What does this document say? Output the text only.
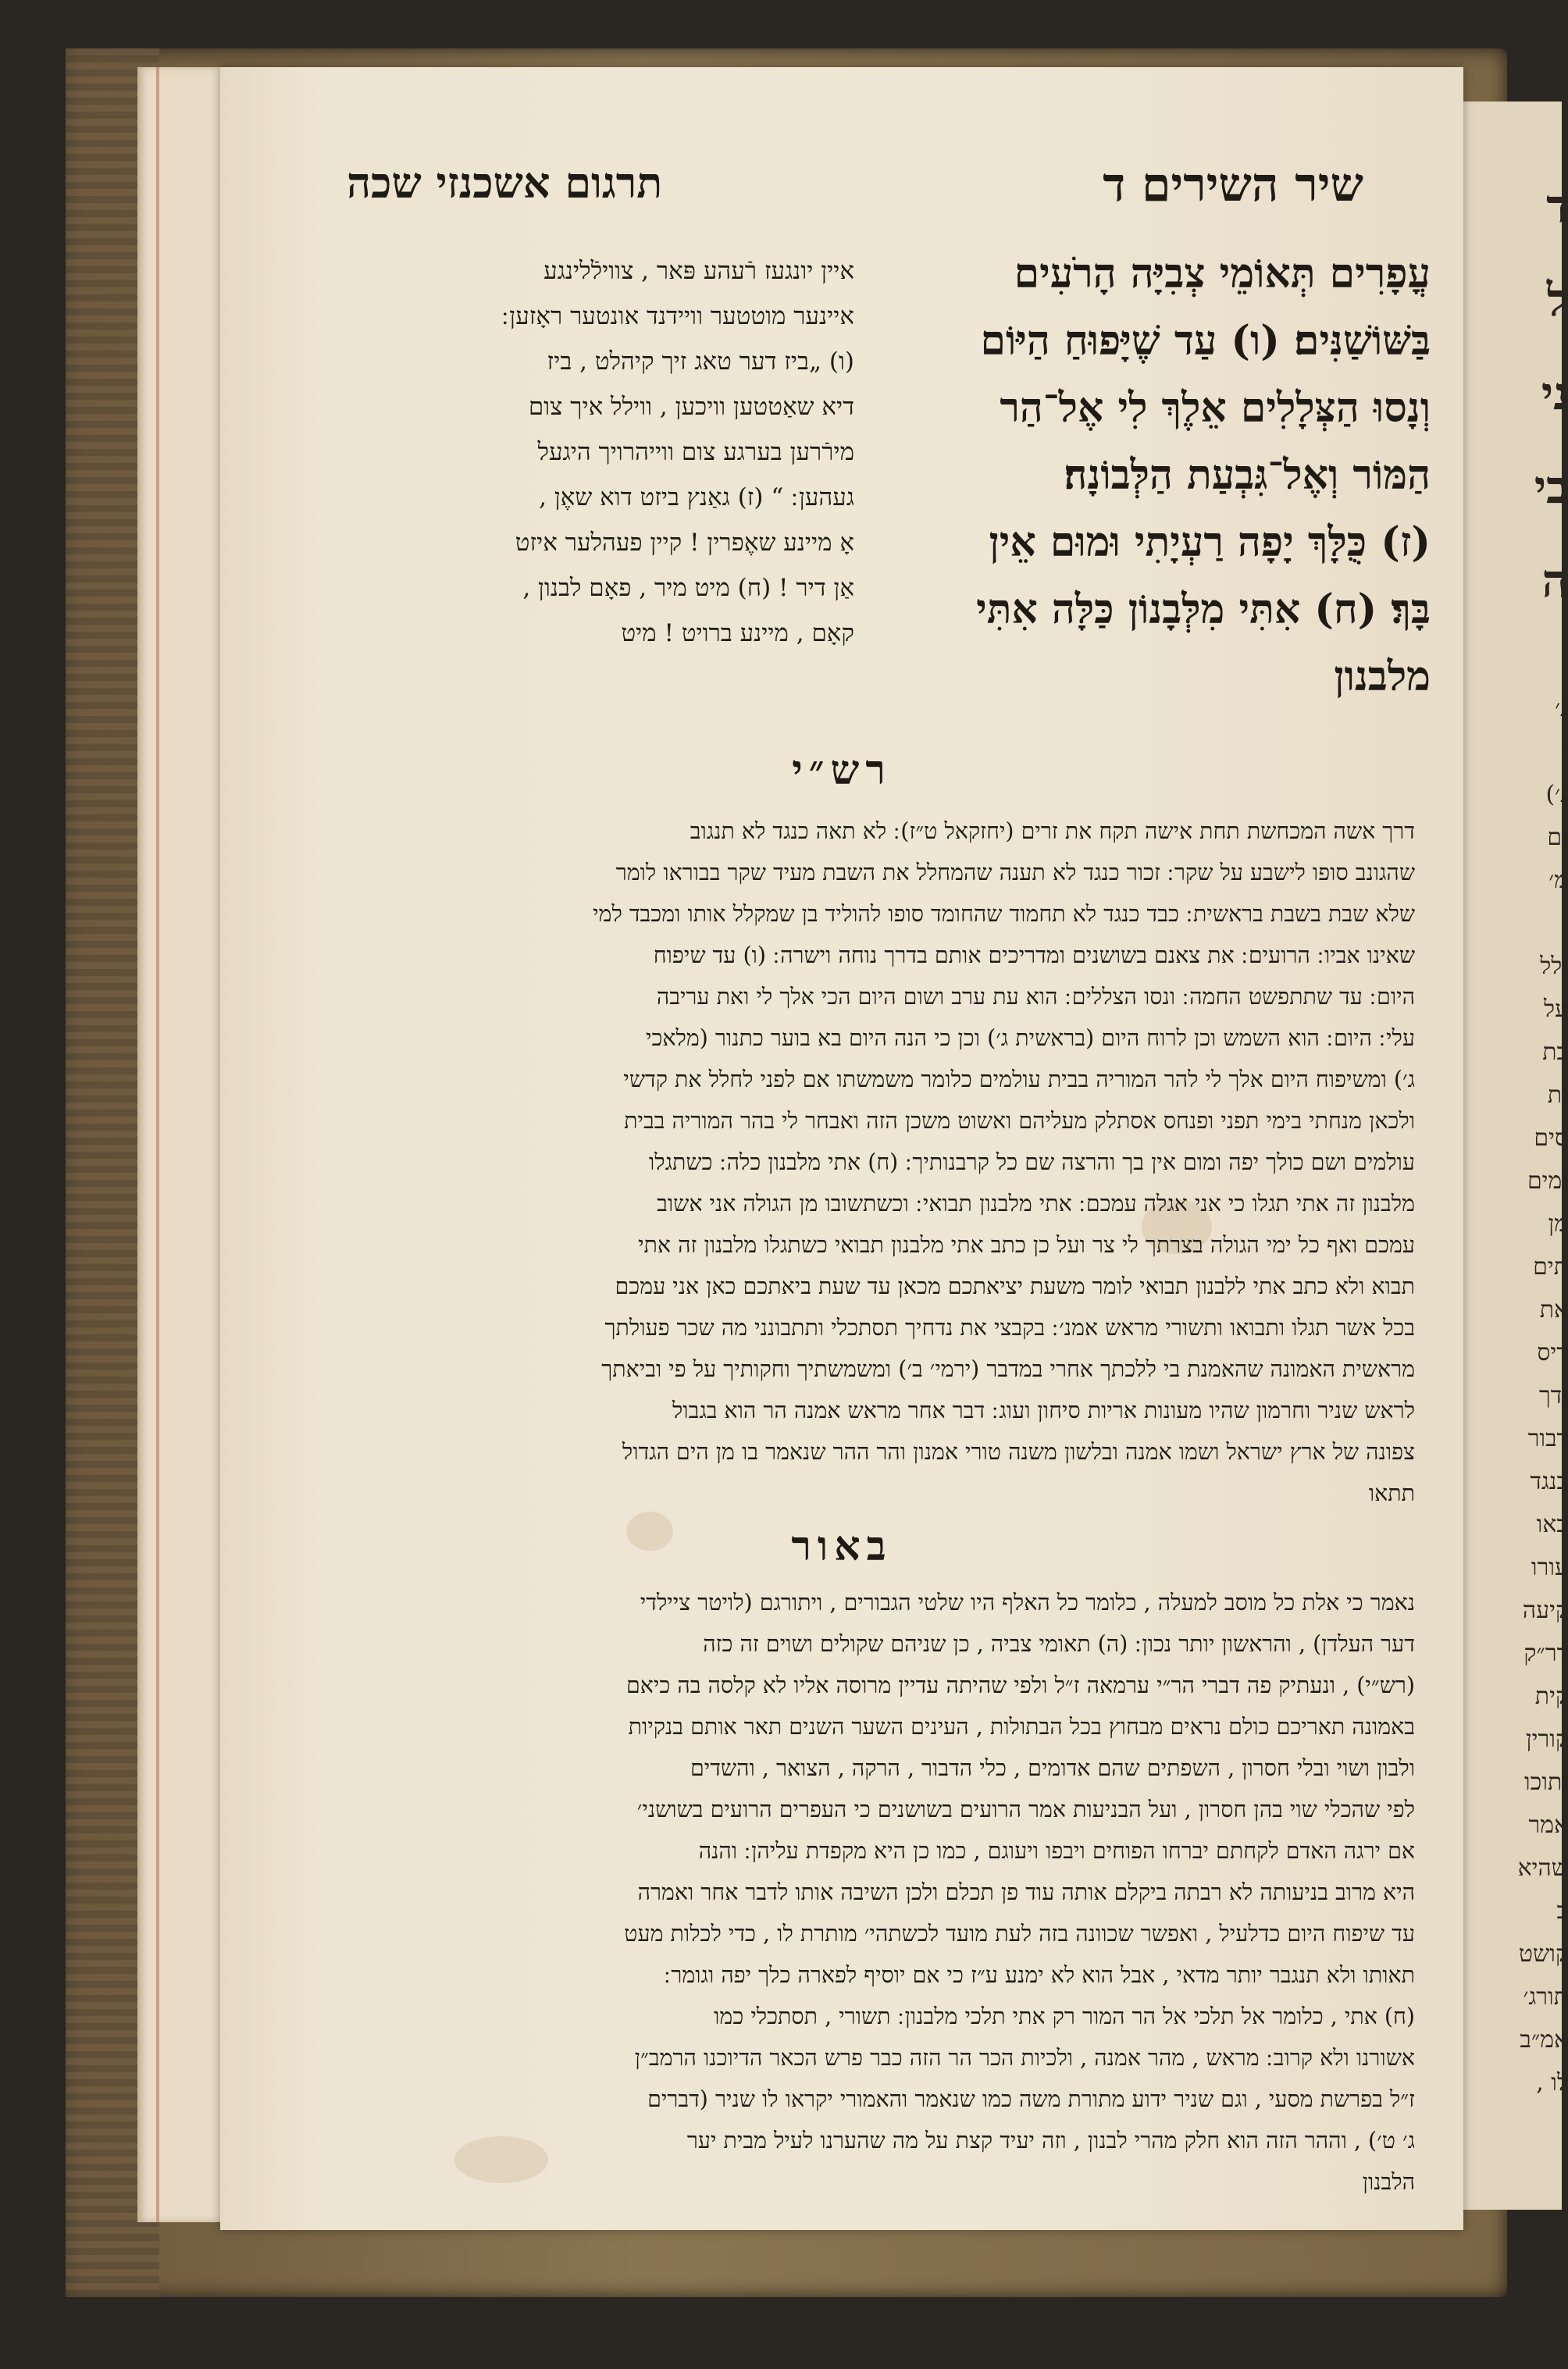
ד
ל
ני
בי
ה
ג׳
׳
ג׳)
ים
מ׳
ולל
על
בת
ית
סים
ומים
מן
תים
את
ריס
ידך
דבור
בנגד
כאו
עורו
קיעה
דר״ק
קית
קורין
ותוכו
אמר
שהיא
ב
קושט
תורג׳
אמ״ב
לו ,
שיר השירים ד
תרגום אשכנזי שכה
עֳפָרִים תְּאוֹמֵי צְבִיָּה הָרֹעִים
בַּשּׁוֹשַׁנִּים׃ (ו) עַד שֶׁיָּפוּחַ הַיּוֹם
וְנָסוּ הַצְּלָלִים אֵלֶךְ לִי אֶל־הַר
הַמּוֹר וְאֶל־גִּבְעַת הַלְּבוֹנָה׃
(ז) כֻּלָּךְ יָפָה רַעְיָתִי וּמוּם אֵין
בָּךְ׃ (ח) אִתִּי מִלְּבָנוֹן כַּלָּה אִתִּי
מלבנון
איין יונגעז רֿעהע פּאר , צווילֿלינגע
איינער מוטטער וויידנד אונטער ראָזען ׃
(ו) „ביז דער טאג זיך קיהלט , ביז
דיא שאַטטען וויכען , ווילל איך צום
מירֿרען בערגע צום ווייהרויך היגעל
געהען ׃ “ (ז) גאַנץ ביזט דוא שאֶן ,
אָ מיינע שאֶפרין ! קיין פעהלער איזט
אַן דיר ! (ח) מיט מיר , פאָם לבנון ,
קאָם , מיינע ברויט ! מיט
רש״י
דרך אשה המכחשת תחת אישה תקח את זרים (יחזקאל ט״ז) ׃ לא תאה כנגד לא תנגוב
שהגונב סופו לישבע על שקר ׃ זכור כנגד לא תענה שהמחלל את השבת מעיד שקר בבוראו לומר
שלא שבת בשבת בראשית ׃ כבד כנגד לא תחמוד שהחומד סופו להוליד בן שמקלל אותו ומכבד למי
שאינו אביו ׃ הרועים ׃ את צאנם בשושנים ומדריכים אותם בדרך נוחה וישרה ׃ (ו) עד שיפוח
היום ׃ עד שתתפשט החמה ׃ ונסו הצללים ׃ הוא עת ערב ושום היום הכי אלך לי ואת עריבה
עלי ׃ היום ׃ הוא השמש וכן לרוח היום (בראשית ג׳) וכן כי הנה היום בא בוער כתנור (מלאכי
ג׳) ומשיפוח היום אלך לי להר המוריה בבית עולמים כלומר משמשתו אם לפני לחלל את קדשי
ולכאן מנחתי בימי תפני ופנחס אסתלק מעליהם ואשוט משכן הזה ואבחר לי בהר המוריה בבית
עולמים ושם כולך יפה ומום אין בך והרצה שם כל קרבנותיך ׃ (ח) אתי מלבנון כלה ׃ כשתגלו
מלבנון זה אתי תגלו כי אני אגלה עמכם ׃ אתי מלבנון תבואי ׃ וכשתשובו מן הגולה אני אשוב
עמכם ואף כל ימי הגולה בצרתך לי צר ועל כן כתב אתי מלבנון תבואי כשתגלו מלבנון זה אתי
תבוא ולא כתב אתי ללבנון תבואי לומר משעת יציאתכם מכאן עד שעת ביאתכם כאן אני עמכם
בכל אשר תגלו ותבואו ותשורי מראש אמנ׳ ׃ בקבצי את נדחיך תסתכלי ותתבונני מה שכר פעולתך
מראשית האמונה שהאמנת בי ללכתך אחרי במדבר (ירמי׳ ב׳) ומשמשתיך וחקותיך על פי וביאתך
לראש שניר וחרמון שהיו מעונות אריות סיחון ועוג ׃ דבר אחר מראש אמנה הר הוא בגבול
צפונה של ארץ ישראל ושמו אמנה ובלשון משנה טורי אמנון והר ההר שנאמר בו מן הים הגדול
תתאו
באור
נאמר כי אלת כל מוסב למעלה , כלומר כל האלף היו שלטי הגבורים , ויתורגם (לויטר ציילדי
דער העלדן) , והראשון יותר נכון ׃ (ה) תאומי צביה , כן שניהם שקולים ושוים זה כזה
(רש״י) , ונעתיק פה דברי הר״י ערמאה ז״ל ולפי שהיתה עדיין מרוסה אליו לא קלסה בה כיאם
באמונה תאריכם כולם נראים מבחוץ בכל הבתולות , העינים השער השנים תאר אותם בנקיות
ולבון ושוי ובלי חסרון , השפתים שהם אדומים , כלי הדבור , הרקה , הצואר , והשדים
לפי שהכלי שוי בהן חסרון , ועל הבניעות אמר הרועים בשושנים כי העפרים הרועים בשושני׳
אם ירגה האדם לקחתם יברחו הפוחים ויבפו ויעוגם , כמו כן היא מקפדת עליהן ׃ והנה
היא מרוב בניעותה לא רבתה ביקלם אותה עוד פן תכלם ולכן השיבה אותו לדבר אחר ואמרה
עד שיפוח היום כדלעיל , ואפשר שכוונה בזה לעת מועד לכשתהי׳ מותרת לו , כדי לכלות מעט
תאותו ולא תנגבר יותר מדאי , אבל הוא לא ימנע ע״ז כי אם יוסיף לפארה כלך יפה וגומר ׃
(ח) אתי , כלומר אל תלכי אל הר המור רק אתי תלכי מלבנון ׃ תשורי , תסתכלי כמו
אשורנו ולא קרוב ׃ מראש , מהר אמנה , ולכיות הכר הר הזה כבר פרש הכאר הדיוכנו הרמב״ן
ז״ל בפרשת מסעי , וגם שניר ידוע מתורת משה כמו שנאמר והאמורי יקראו לו שניר (דברים
ג׳ ט׳) , וההר הזה הוא חלק מהרי לבנון , וזה יעיד קצת על מה שהערנו לעיל מבית יער
הלבנון
